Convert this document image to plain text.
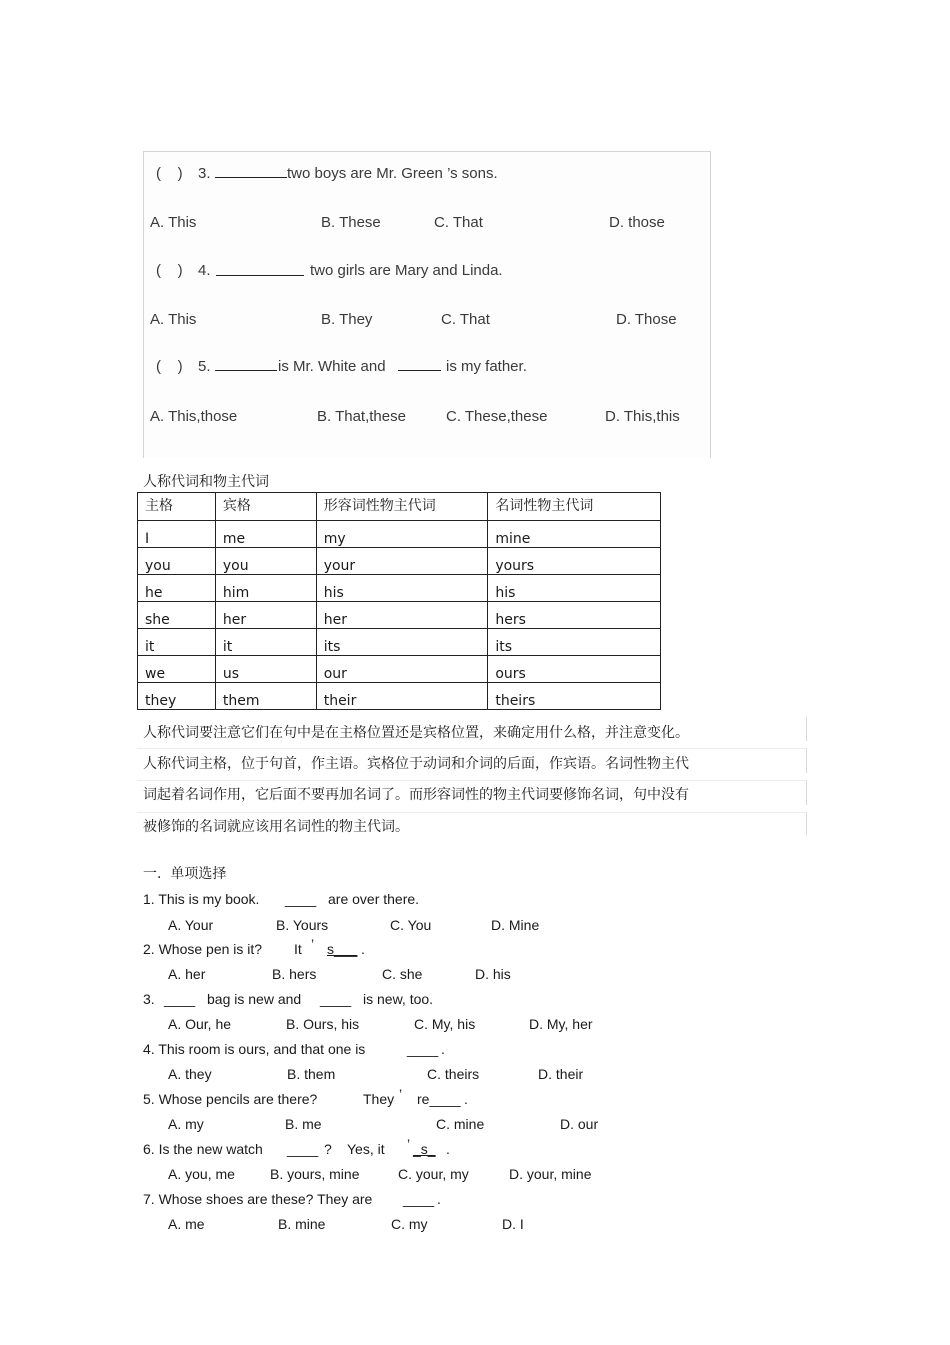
(    ) 3.	two boys are Mr. Green ’s sons.
A. This	B. These	C. That	D. those
(    ) 4.	two girls are Mary and Linda.
A. This	B. They	C. That	D. Those
(    ) 5.	is Mr. White and	is my father.
A. This,those	B. That,these	C. These,these	D. This,this
人称代词和物主代词
主格	宾格	形容词性物主代词	名词性物主代词
I	me	my	mine
you	you	your	yours
he	him	his	his
she	her	her	hers
it	it	its	its
we	us	our	ours
they	them	their	theirs
人称代词要注意它们在句中是在主格位置还是宾格位置，来确定用什么格，并注意变化。
人称代词主格，位于句首，作主语。宾格位于动词和介词的后面，作宾语。名词性物主代
词起着名词作用，它后面不要再加名词了。而形容词性的物主代词要修饰名词，句中没有
被修饰的名词就应该用名词性的物主代词。
一.  单项选择
1. This is my book. ____ are over there.
A. Your	B. Yours	C. You	D. Mine
2. Whose pen is it? It ’ s___ .
A. her	B. hers	C. she	D. his
3. ____ bag is new and ____ is new, too.
A. Our, he	B. Ours, his	C. My, his	D. My, her
4. This room is ours, and that one is	____ .
A. they	B. them	C. theirs	D. their
5. Whose pencils are there?	They ’ re____ .
A. my	B. me	C. mine	D. our
6. Is the new watch ____ ? Yes, it ’ _s_ .
A. you, me	B. yours, mine	C. your, my	D. your, mine
7. Whose shoes are these? They are ____ .
A. me	B. mine	C. my	D. I
